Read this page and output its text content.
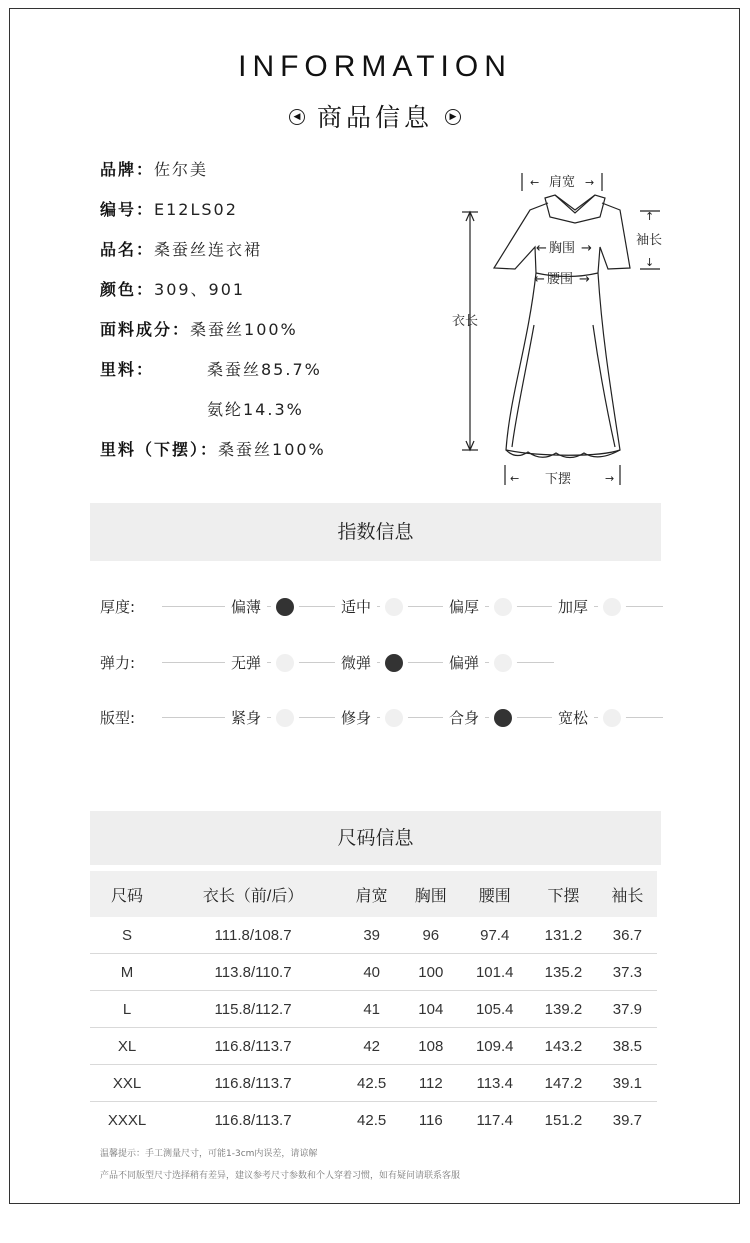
INFORMATION
◀ 商品信息 ▶
品牌：佐尔美
编号：E12LS02
品名：桑蚕丝连衣裙
颜色：309、901
面料成分：桑蚕丝100%
里料：	桑蚕丝85.7%
氨纶14.3%
里料（下摆）：桑蚕丝100%
← 肩宽 →
← 胸围 →
← 腰围 →
衣长
↑
袖长
↓
← 下摆	→
指数信息
厚度:	偏薄	适中	偏厚	加厚
弹力:	无弹	微弹	偏弹
版型:	紧身	修身	合身	宽松
尺码信息
尺码	衣长（前/后）	肩宽	胸围	腰围	下摆	袖长
S	111.8/108.7	39	96	97.4	131.2	36.7
M	113.8/110.7	40	100	101.4	135.2	37.3
L	115.8/112.7	41	104	105.4	139.2	37.9
XL	116.8/113.7	42	108	109.4	143.2	38.5
XXL	116.8/113.7	42.5	112	113.4	147.2	39.1
XXXL	116.8/113.7	42.5	116	117.4	151.2	39.7
温馨提示：手工测量尺寸，可能1-3cm内误差，请谅解
产品不同版型尺寸选择稍有差异，建议参考尺寸参数和个人穿着习惯，如有疑问请联系客服
